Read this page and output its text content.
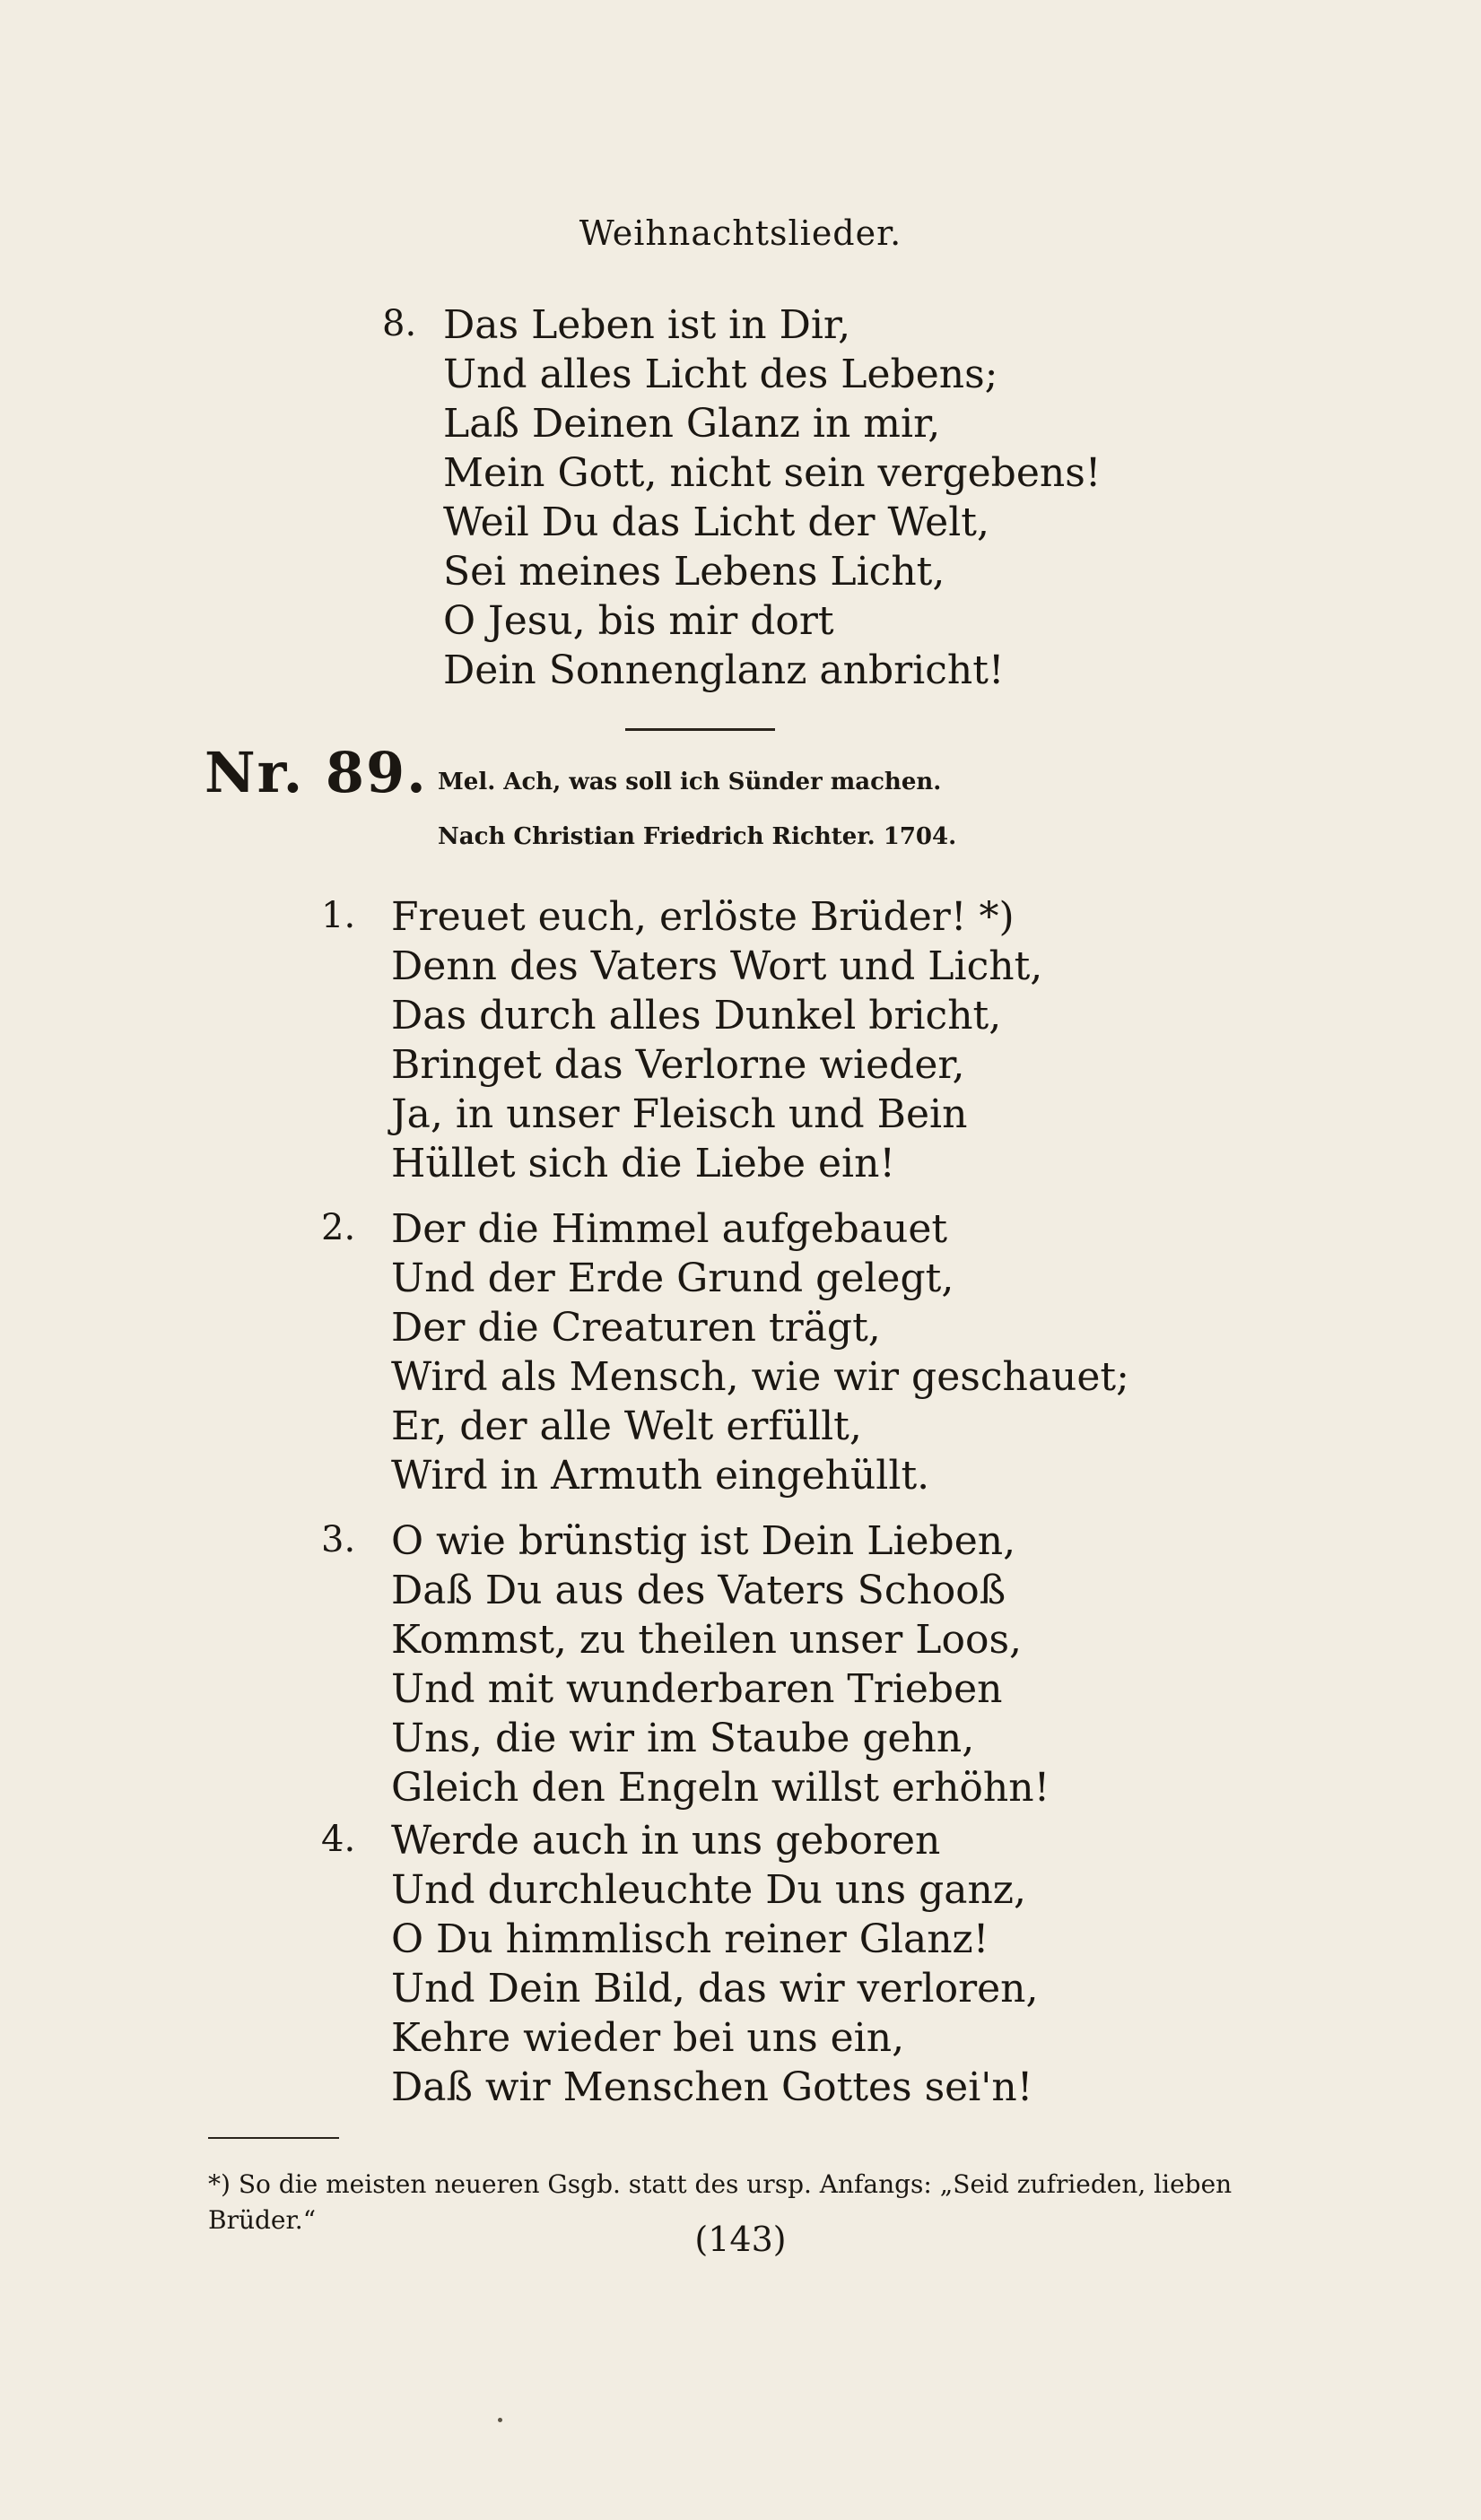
Weihnachtslieder.
8. Das Leben ist in Dir,
Und alles Licht des Lebens;
Laß Deinen Glanz in mir,
Mein Gott, nicht sein vergebens!
Weil Du das Licht der Welt,
Sei meines Lebens Licht,
O Jesu, bis mir dort
Dein Sonnenglanz anbricht!
Nr. 89. Mel. Ach, was soll ich Sünder machen.
Nach Christian Friedrich Richter. 1704.
1. Freuet euch, erlöste Brüder! *)
Denn des Vaters Wort und Licht,
Das durch alles Dunkel bricht,
Bringet das Verlorne wieder,
Ja, in unser Fleisch und Bein
Hüllet sich die Liebe ein!
2. Der die Himmel aufgebauet
Und der Erde Grund gelegt,
Der die Creaturen trägt,
Wird als Mensch, wie wir geschauet;
Er, der alle Welt erfüllt,
Wird in Armuth eingehüllt.
3. O wie brünstig ist Dein Lieben,
Daß Du aus des Vaters Schooß
Kommst, zu theilen unser Loos,
Und mit wunderbaren Trieben
Uns, die wir im Staube gehn,
Gleich den Engeln willst erhöhn!
4. Werde auch in uns geboren
Und durchleuchte Du uns ganz,
O Du himmlisch reiner Glanz!
Und Dein Bild, das wir verloren,
Kehre wieder bei uns ein,
Daß wir Menschen Gottes sei'n!
*) So die meisten neueren Gsgb. statt des ursp. Anfangs: „Seid zufrieden, lieben Brüder.“	(143)
